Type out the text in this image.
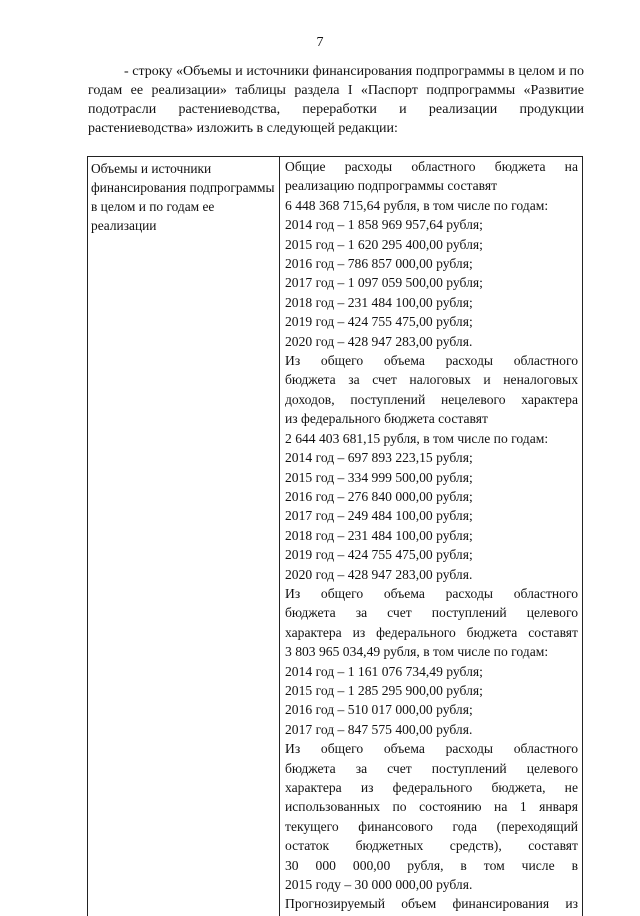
7

- строку «Объемы и источники финансирования подпрограммы в целом и по годам ее реализации» таблицы раздела I «Паспорт подпрограммы «Развитие подотрасли растениеводства, переработки и реализации продукции растениеводства» изложить в следующей редакции:

Объемы и источники финансирования подпрограммы в целом и по годам ее реализации
Общие расходы областного бюджета на
реализацию подпрограммы составят
6 448 368 715,64 рубля, в том числе по годам:
2014 год – 1 858 969 957,64 рубля;
2015 год – 1 620 295 400,00 рубля;
2016 год – 786 857 000,00 рубля;
2017 год – 1 097 059 500,00 рубля;
2018 год – 231 484 100,00 рубля;
2019 год – 424 755 475,00 рубля;
2020 год – 428 947 283,00 рубля.
Из общего объема расходы областного
бюджета за счет налоговых и неналоговых
доходов, поступлений нецелевого характера
из федерального бюджета составят
2 644 403 681,15 рубля, в том числе по годам:
2014 год – 697 893 223,15 рубля;
2015 год – 334 999 500,00 рубля;
2016 год – 276 840 000,00 рубля;
2017 год – 249 484 100,00 рубля;
2018 год – 231 484 100,00 рубля;
2019 год – 424 755 475,00 рубля;
2020 год – 428 947 283,00 рубля.
Из общего объема расходы областного
бюджета за счет поступлений целевого
характера из федерального бюджета составят
3 803 965 034,49 рубля, в том числе по годам:
2014 год – 1 161 076 734,49 рубля;
2015 год – 1 285 295 900,00 рубля;
2016 год – 510 017 000,00 рубля;
2017 год – 847 575 400,00 рубля.
Из общего объема расходы областного
бюджета за счет поступлений целевого
характера из федерального бюджета, не
использованных по состоянию на 1 января
текущего финансового года (переходящий
остаток бюджетных средств), составят
30 000 000,00 рубля, в том числе в
2015 году – 30 000 000,00 рубля.
Прогнозируемый объем финансирования из
